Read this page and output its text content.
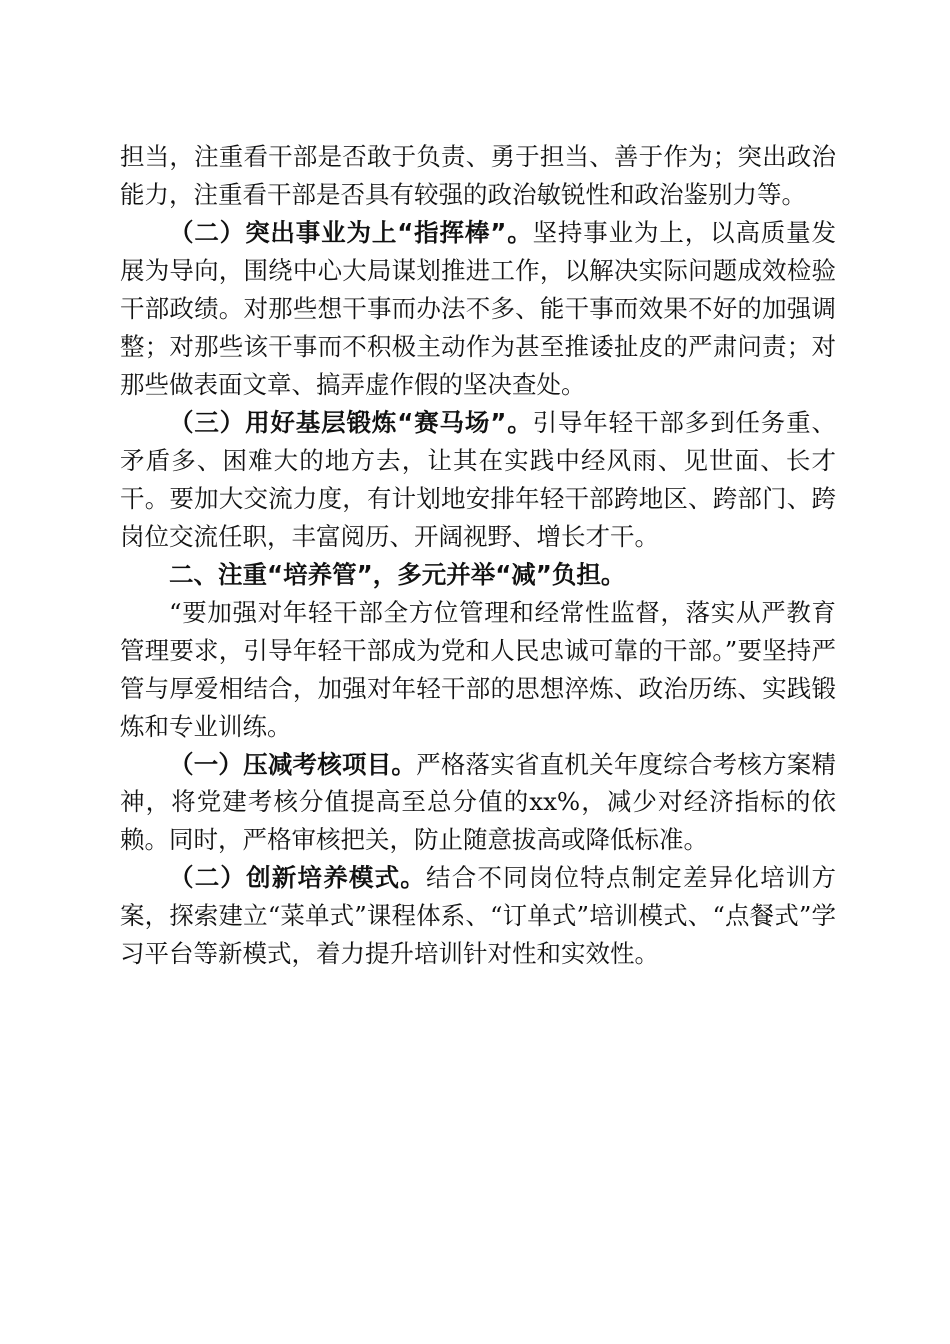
担当，注重看干部是否敢于负责、勇于担当、善于作为；突出政治能力，注重看干部是否具有较强的政治敏锐性和政治鉴别力等。

（二）突出事业为上“指挥棒”。坚持事业为上，以高质量发展为导向，围绕中心大局谋划推进工作，以解决实际问题成效检验干部政绩。对那些想干事而办法不多、能干事而效果不好的加强调整；对那些该干事而不积极主动作为甚至推诿扯皮的严肃问责；对那些做表面文章、搞弄虚作假的坚决查处。

（三）用好基层锻炼“赛马场”。引导年轻干部多到任务重、矛盾多、困难大的地方去，让其在实践中经风雨、见世面、长才干。要加大交流力度，有计划地安排年轻干部跨地区、跨部门、跨岗位交流任职，丰富阅历、开阔视野、增长才干。

二、注重“培养管”，多元并举“减”负担。

“要加强对年轻干部全方位管理和经常性监督，落实从严教育管理要求，引导年轻干部成为党和人民忠诚可靠的干部。”要坚持严管与厚爱相结合，加强对年轻干部的思想淬炼、政治历练、实践锻炼和专业训练。

（一）压减考核项目。严格落实省直机关年度综合考核方案精神，将党建考核分值提高至总分值的xx%，减少对经济指标的依赖。同时，严格审核把关，防止随意拔高或降低标准。

（二）创新培养模式。结合不同岗位特点制定差异化培训方案，探索建立“菜单式”课程体系、“订单式”培训模式、“点餐式”学习平台等新模式，着力提升培训针对性和实效性。
